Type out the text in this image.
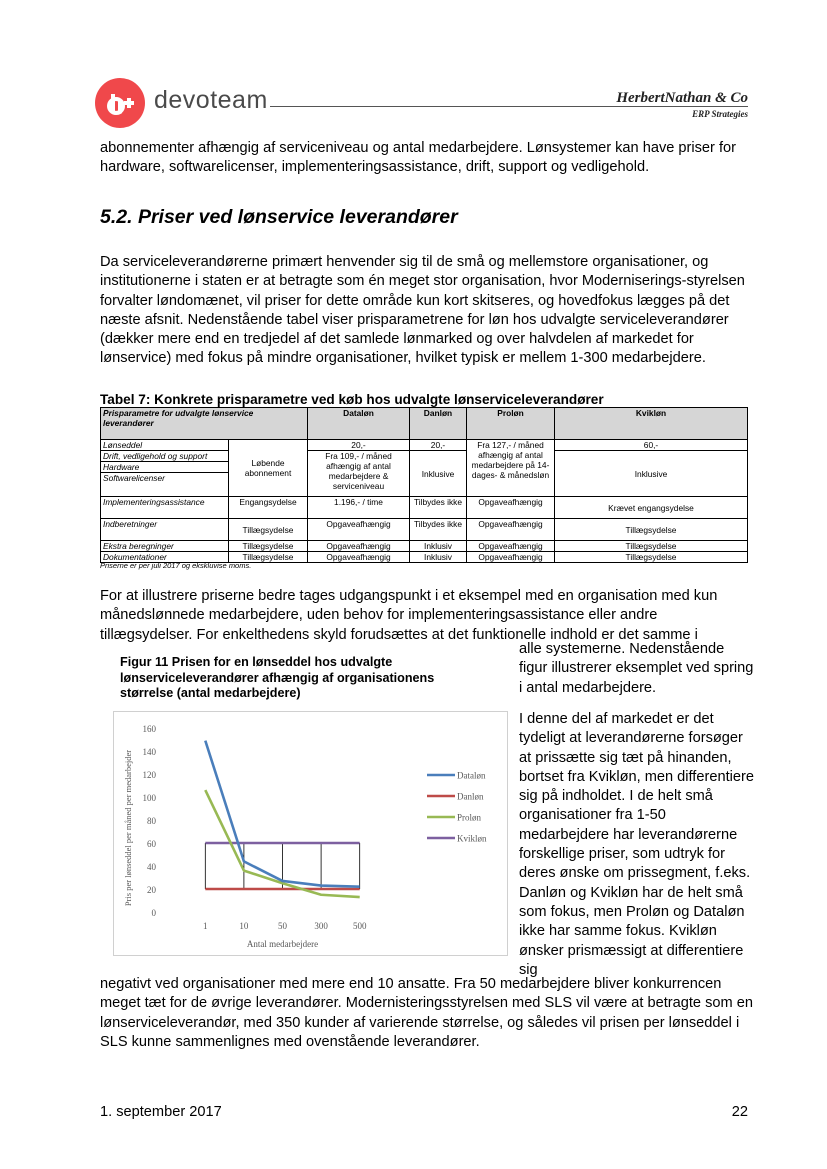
devoteam	HerbertNathan & Co
ERP Strategies
abonnementer afhængig af serviceniveau og antal medarbejdere. Lønsystemer kan have priser for hardware, softwarelicenser, implementeringsassistance, drift, support og vedligehold.
5.2. Priser ved lønservice leverandører
Da serviceleverandørerne primært henvender sig til de små og mellemstore organisationer, og institutionerne i staten er at betragte som én meget stor organisation, hvor Moderniserings-styrelsen forvalter løndomænet, vil priser for dette område kun kort skitseres, og hovedfokus lægges på det næste afsnit. Nedenstående tabel viser prisparametrene for løn hos udvalgte serviceleverandører (dækker mere end en tredjedel af det samlede lønmarked og over halvdelen af markedet for lønservice) med fokus på mindre organisationer, hvilket typisk er mellem 1-300 medarbejdere.
Tabel 7: Konkrete prisparametre ved køb hos udvalgte lønserviceleverandører
Prisparametre for udvalgte lønservice leverandører		Dataløn	Danløn	Proløn	Kvikløn
Lønseddel	Løbende abonnement	20,-	20,-	Fra 127,- / måned afhængig af antal medarbejdere på 14-dages- & månedsløn	60,-
Drift, vedligehold og support		Fra 109,- / måned afhængig af antal medarbejdere & serviceniveau	Inklusive		Inklusive
Hardware					
Softwarelicenser					
Implementeringsassistance	Engangsydelse	1.196,- / time	Tilbydes ikke	Opgaveafhængig	Krævet engangsydelse
Indberetninger	Tillægsydelse	Opgaveafhængig	Tilbydes ikke	Opgaveafhængig	Tillægsydelse
Ekstra beregninger	Tillægsydelse	Opgaveafhængig	Inklusiv	Opgaveafhængig	Tillægsydelse
Dokumentationer	Tillægsydelse	Opgaveafhængig	Inklusiv	Opgaveafhængig	Tillægsydelse
Priserne er per juli 2017 og ekskluvise moms.
For at illustrere priserne bedre tages udgangspunkt i et eksempel med en organisation med kun månedslønnede medarbejdere, uden behov for implementeringsassistance eller andre tillægsydelser. For enkelthedens skyld forudsættes at det funktionelle indhold er det samme i
Figur 11 Prisen for en lønseddel hos udvalgte lønserviceleverandører afhængig af organisationens størrelse (antal medarbejdere)
alle systemerne. Nedenstående figur illustrerer eksemplet ved spring i antal medarbejdere.
I denne del af markedet er det tydeligt at leverandørerne forsøger at prissætte sig tæt på hinanden, bortset fra Kvikløn, men differentiere sig på indholdet. I de helt små organisationer fra 1-50 medarbejdere har leverandørerne forskellige priser, som udtryk for deres ønske om prissegment, f.eks. Danløn og Kvikløn har de helt små som fokus, men Proløn og Dataløn ikke har samme fokus. Kvikløn ønsker prismæssigt at differentiere sig
0
20
40
60
80
100
120
140
160
1	10	50	300	500
Antal medarbejdere
Pris per lønseddel per måned per medarbejder	Dataløn
Danløn
Proløn
Kvikløn
negativt ved organisationer med mere end 10 ansatte. Fra 50 medarbejdere bliver konkurrencen meget tæt for de øvrige leverandører. Modernisteringsstyrelsen med SLS vil være at betragte som en lønserviceleverandør, med 350 kunder af varierende størrelse, og således vil prisen per lønseddel i SLS kunne sammenlignes med ovenstående leverandører.
1. september 2017	22
